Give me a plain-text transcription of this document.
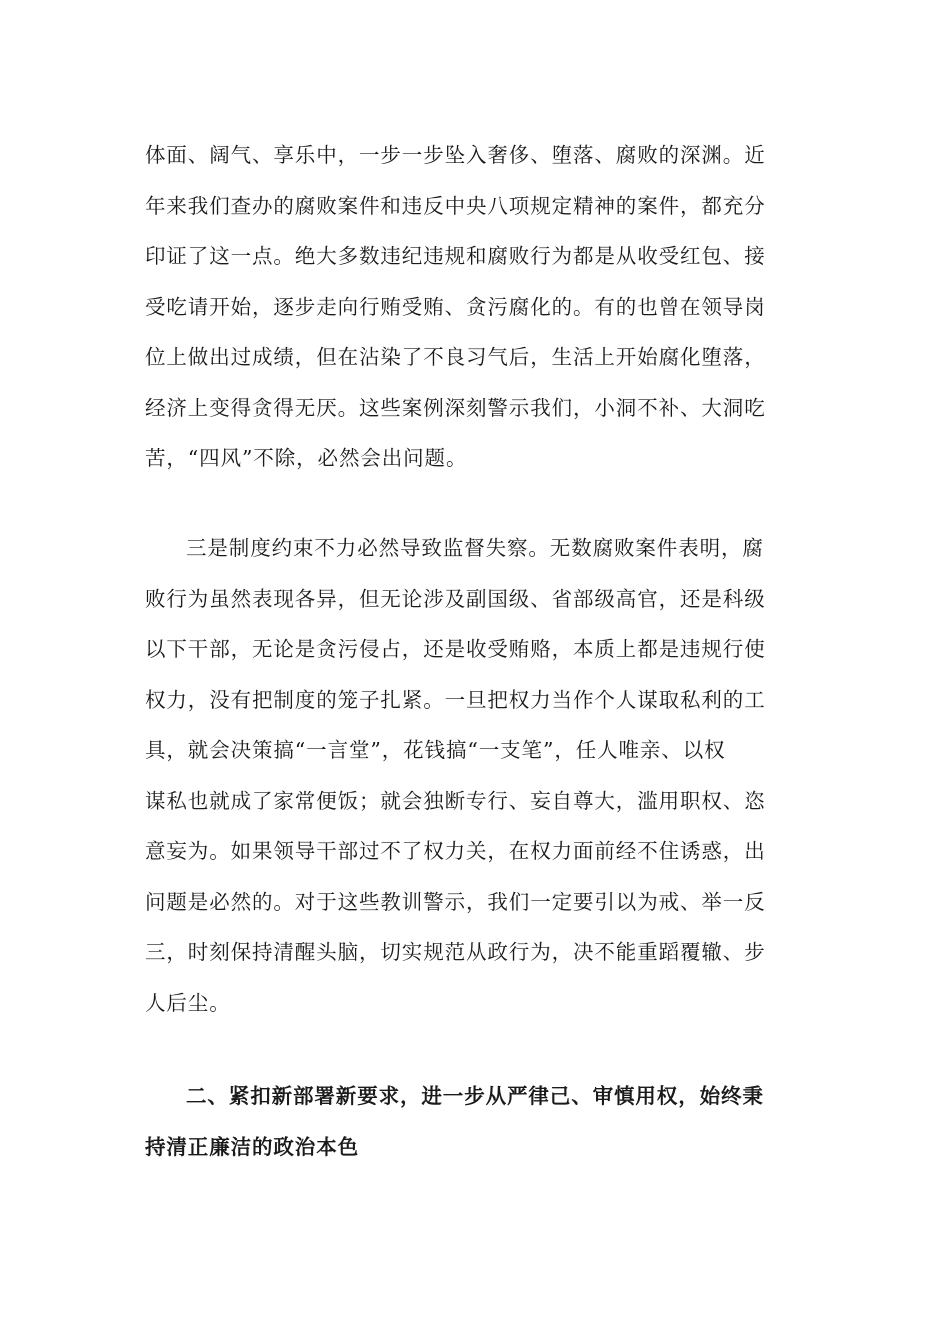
体面、阔气、享乐中，一步一步坠入奢侈、堕落、腐败的深渊。近
年来我们查办的腐败案件和违反中央八项规定精神的案件，都充分
印证了这一点。绝大多数违纪违规和腐败行为都是从收受红包、接
受吃请开始，逐步走向行贿受贿、贪污腐化的。有的也曾在领导岗
位上做出过成绩，但在沾染了不良习气后，生活上开始腐化堕落，
经济上变得贪得无厌。这些案例深刻警示我们，小洞不补、大洞吃
苦，“四风”不除，必然会出问题。
三是制度约束不力必然导致监督失察。无数腐败案件表明，腐
败行为虽然表现各异，但无论涉及副国级、省部级高官，还是科级
以下干部，无论是贪污侵占，还是收受贿赂，本质上都是违规行使
权力，没有把制度的笼子扎紧。一旦把权力当作个人谋取私利的工
具，就会决策搞“一言堂”，花钱搞“一支笔”，任人唯亲、以权
谋私也就成了家常便饭；就会独断专行、妄自尊大，滥用职权、恣
意妄为。如果领导干部过不了权力关，在权力面前经不住诱惑，出
问题是必然的。对于这些教训警示，我们一定要引以为戒、举一反
三，时刻保持清醒头脑，切实规范从政行为，决不能重蹈覆辙、步
人后尘。
二、紧扣新部署新要求，进一步从严律己、审慎用权，始终秉
持清正廉洁的政治本色
